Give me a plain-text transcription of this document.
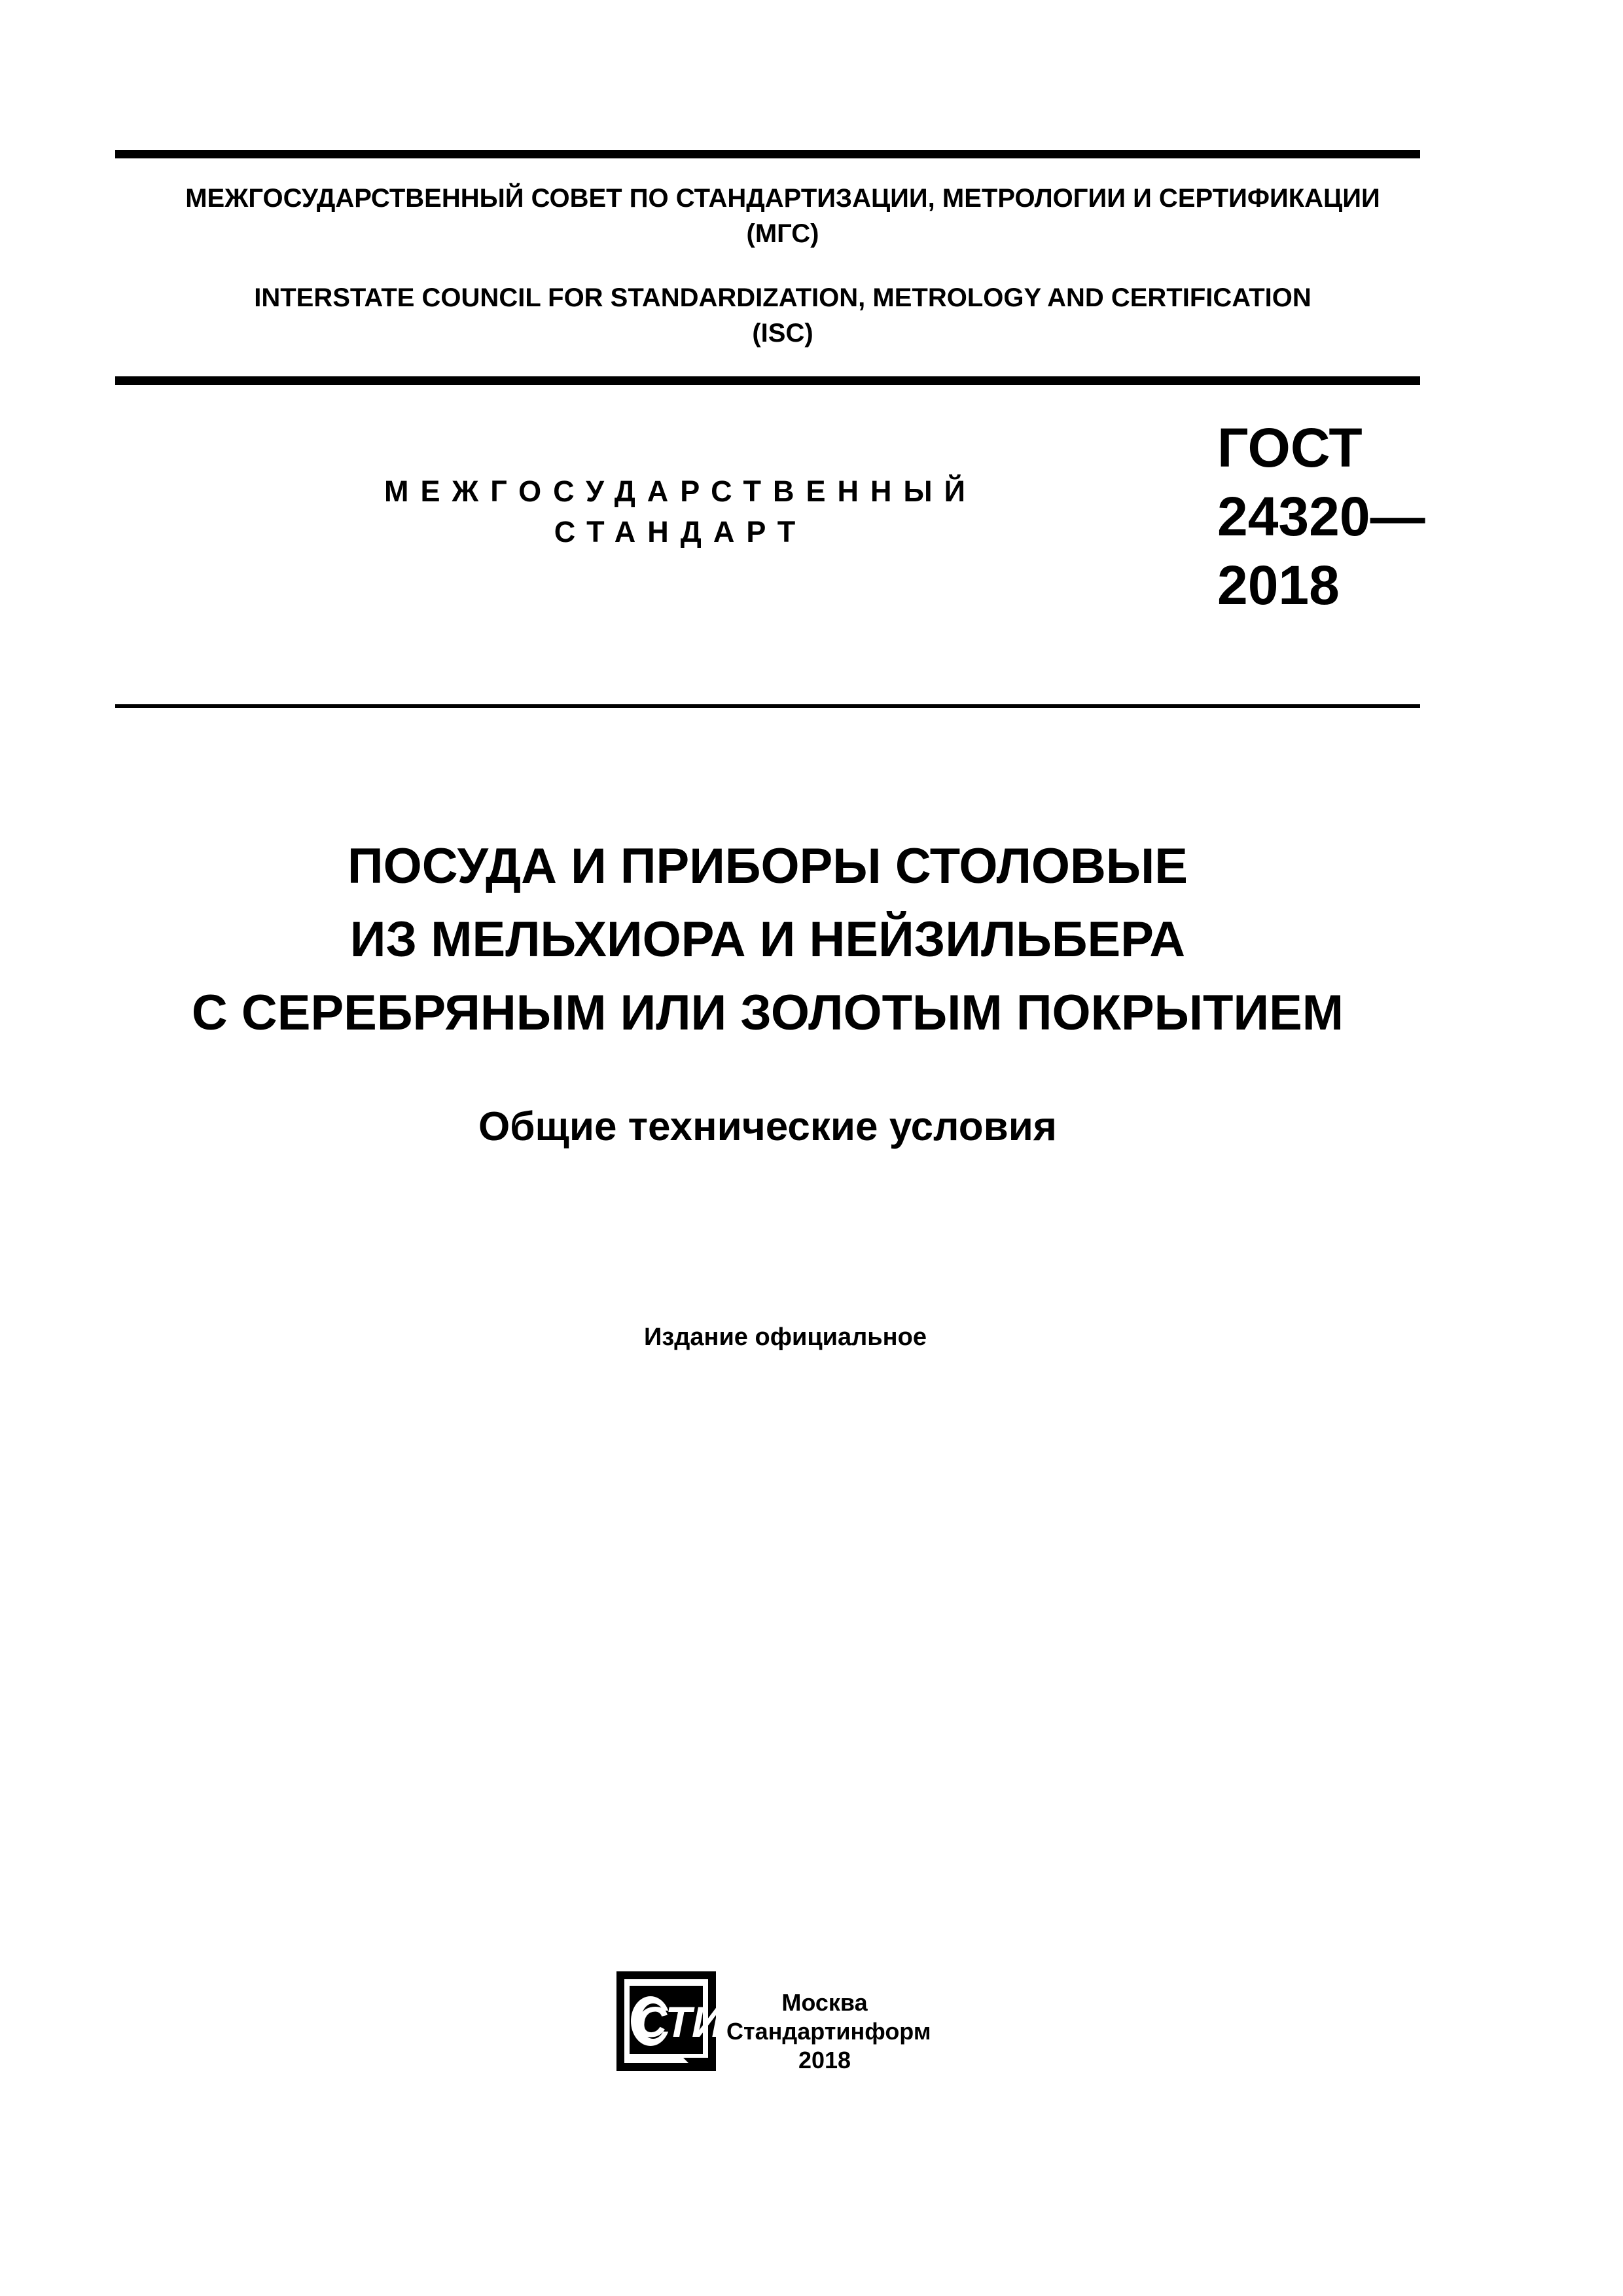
МЕЖГОСУДАРСТВЕННЫЙ СОВЕТ ПО СТАНДАРТИЗАЦИИ, МЕТРОЛОГИИ И СЕРТИФИКАЦИИ
(МГС)
INTERSTATE COUNCIL FOR STANDARDIZATION, METROLOGY AND CERTIFICATION
(ISC)
МЕЖГОСУДАРСТВЕННЫЙ
СТАНДАРТ
ГОСТ
24320—
2018
ПОСУДА И ПРИБОРЫ СТОЛОВЫЕ
ИЗ МЕЛЬХИОРА И НЕЙЗИЛЬБЕРА
С СЕРЕБРЯНЫМ ИЛИ ЗОЛОТЫМ ПОКРЫТИЕМ
Общие технические условия
Издание официальное
СТИ	Москва
Стандартинформ
2018
